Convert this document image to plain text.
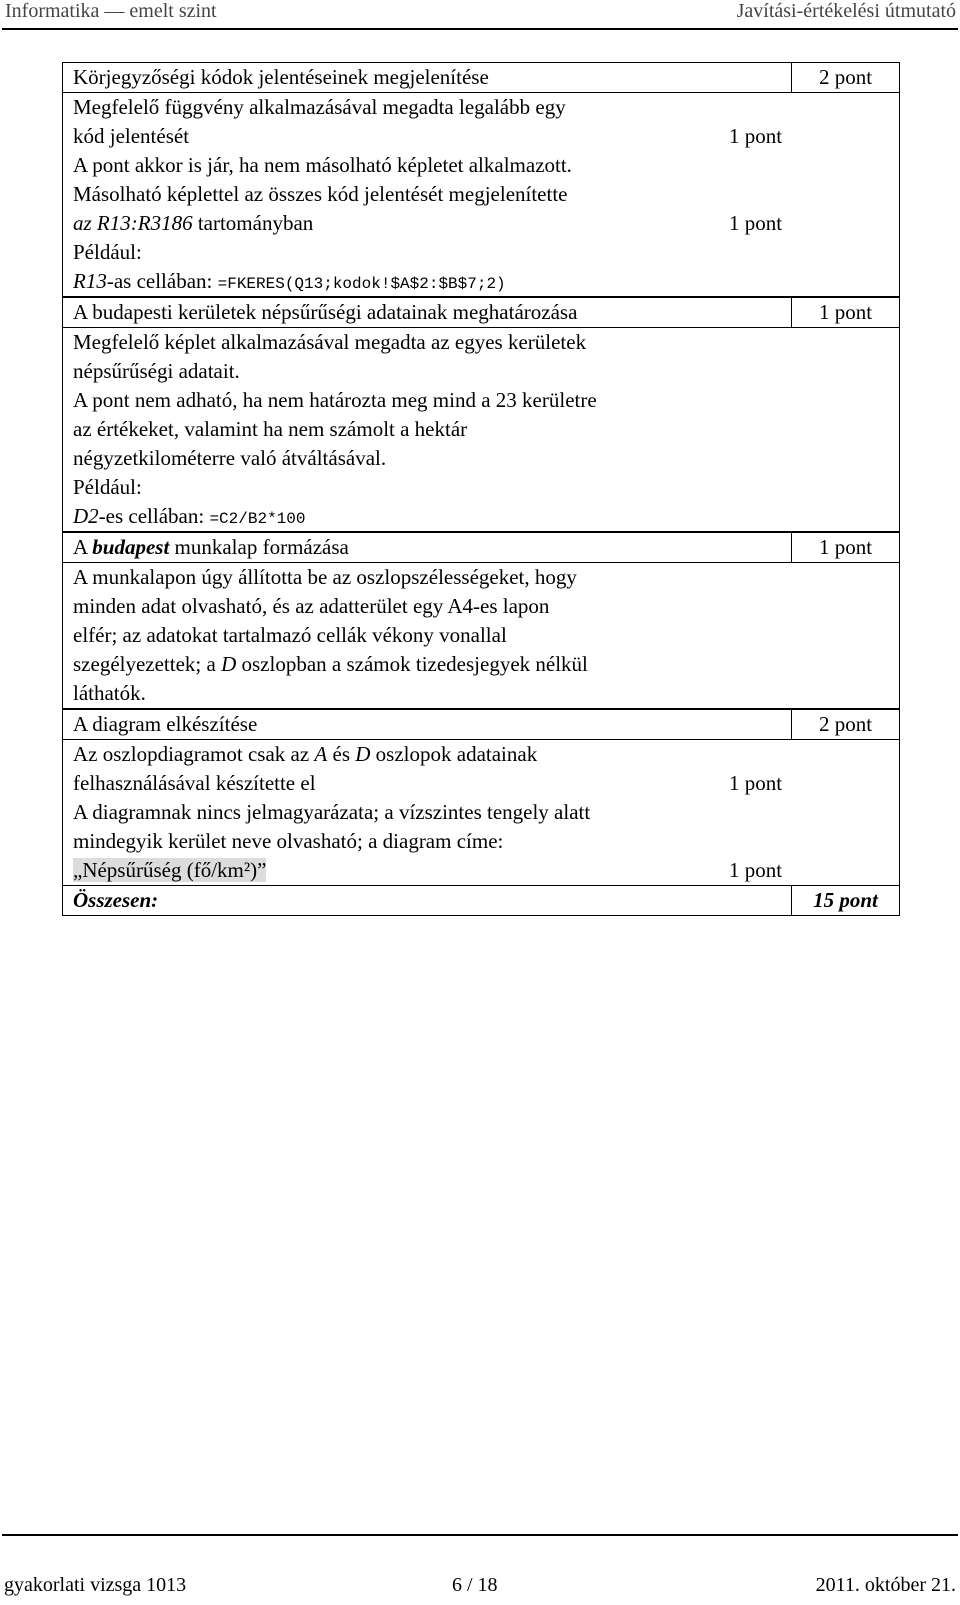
Informatika — emelt szint	Javítási-értékelési útmutató
Körjegyzőségi kódok jelentéseinek megjelenítése	2 pont
Megfelelő függvény alkalmazásával megadta legalább egy
kód jelentését	1 pont
A pont akkor is jár, ha nem másolható képletet alkalmazott.
Másolható képlettel az összes kód jelentését megjelenítette
az R13:R3186 tartományban	1 pont
Például:
R13-as cellában: =FKERES(Q13;kodok!$A$2:$B$7;2)
A budapesti kerületek népsűrűségi adatainak meghatározása	1 pont
Megfelelő képlet alkalmazásával megadta az egyes kerületek
népsűrűségi adatait.
A pont nem adható, ha nem határozta meg mind a 23 kerületre
az értékeket, valamint ha nem számolt a hektár
négyzetkilométerre való átváltásával.
Például:
D2-es cellában: =C2/B2*100
A budapest munkalap formázása	1 pont
A munkalapon úgy állította be az oszlopszélességeket, hogy
minden adat olvasható, és az adatterület egy A4-es lapon
elfér; az adatokat tartalmazó cellák vékony vonallal
szegélyezettek; a D oszlopban a számok tizedesjegyek nélkül
láthatók.
A diagram elkészítése	2 pont
Az oszlopdiagramot csak az A és D oszlopok adatainak
felhasználásával készítette el	1 pont
A diagramnak nincs jelmagyarázata; a vízszintes tengely alatt
mindegyik kerület neve olvasható; a diagram címe:
„Népsűrűség (fő/km²)”	1 pont
Összesen:	15 pont
gyakorlati vizsga 1013	6 / 18	2011. október 21.
